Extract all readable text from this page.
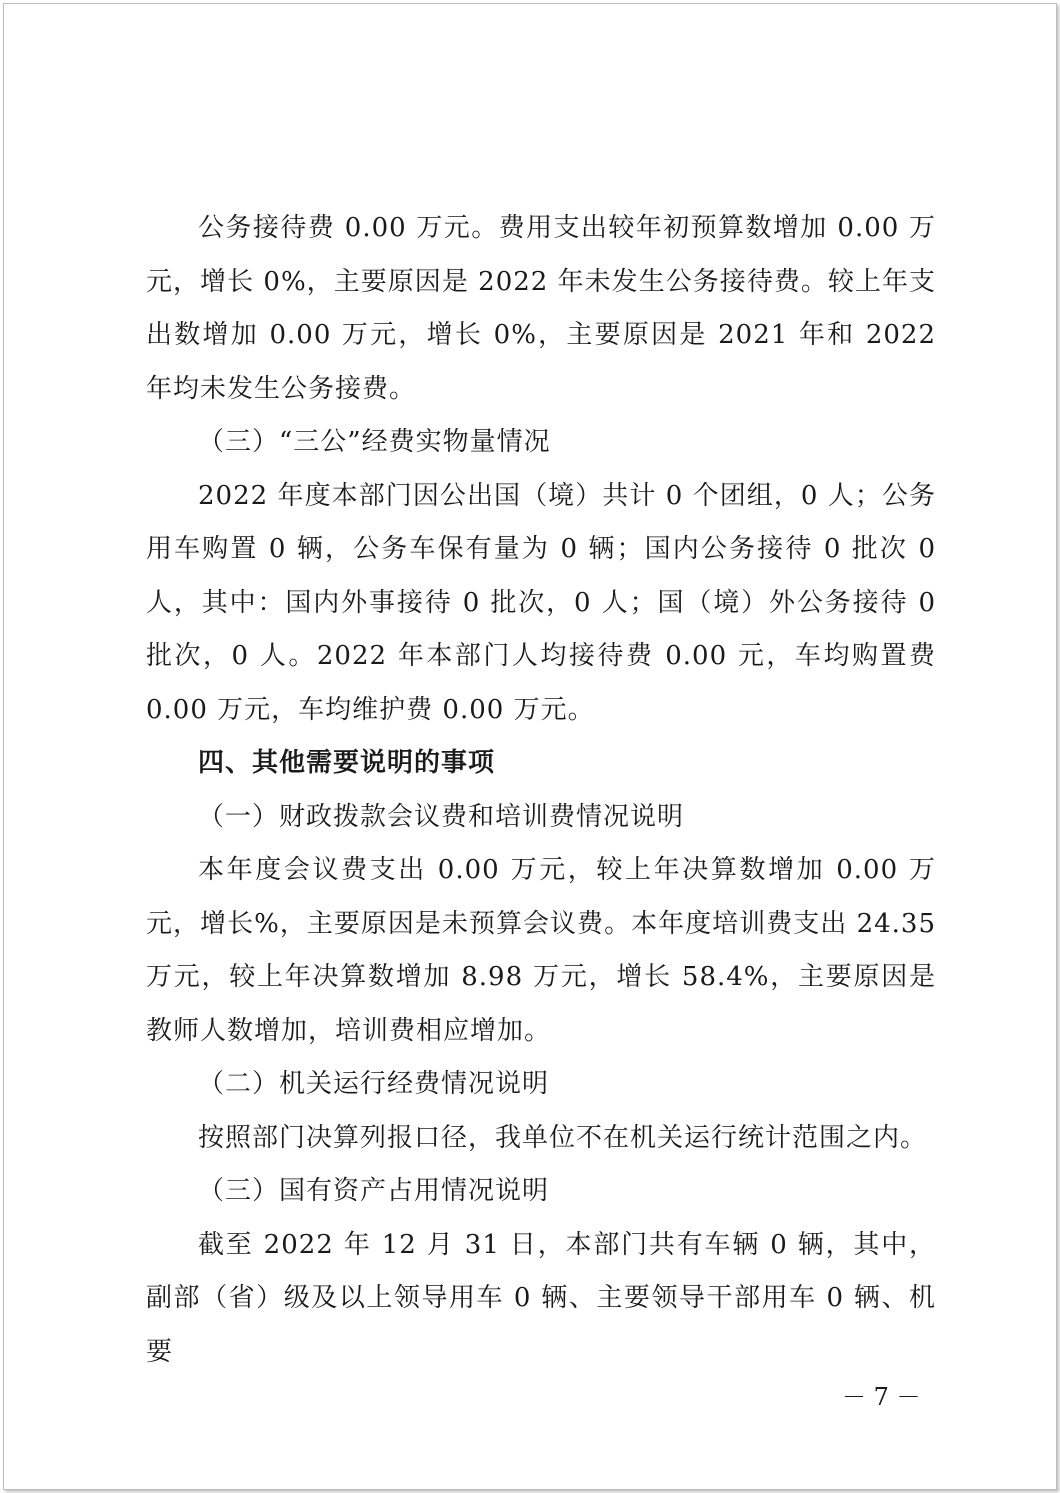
公务接待费 0.00 万元。费用支出较年初预算数增加 0.00 万元，增长 0%，主要原因是 2022 年未发生公务接待费。较上年支出数增加 0.00 万元，增长 0%，主要原因是 2021 年和 2022 年均未发生公务接费。

（三）“三公”经费实物量情况

2022 年度本部门因公出国（境）共计 0 个团组，0 人；公务用车购置 0 辆，公务车保有量为 0 辆；国内公务接待 0 批次 0 人，其中：国内外事接待 0 批次，0 人；国（境）外公务接待 0 批次，0 人。2022 年本部门人均接待费 0.00 元，车均购置费 0.00 万元，车均维护费 0.00 万元。

四、其他需要说明的事项

（一）财政拨款会议费和培训费情况说明

本年度会议费支出 0.00 万元，较上年决算数增加 0.00 万元，增长%，主要原因是未预算会议费。本年度培训费支出 24.35 万元，较上年决算数增加 8.98 万元，增长 58.4%，主要原因是教师人数增加，培训费相应增加。

（二）机关运行经费情况说明

按照部门决算列报口径，我单位不在机关运行统计范围之内。

（三）国有资产占用情况说明

截至 2022 年 12 月 31 日，本部门共有车辆 0 辆，其中，副部（省）级及以上领导用车 0 辆、主要领导干部用车 0 辆、机要

－ 7 －
